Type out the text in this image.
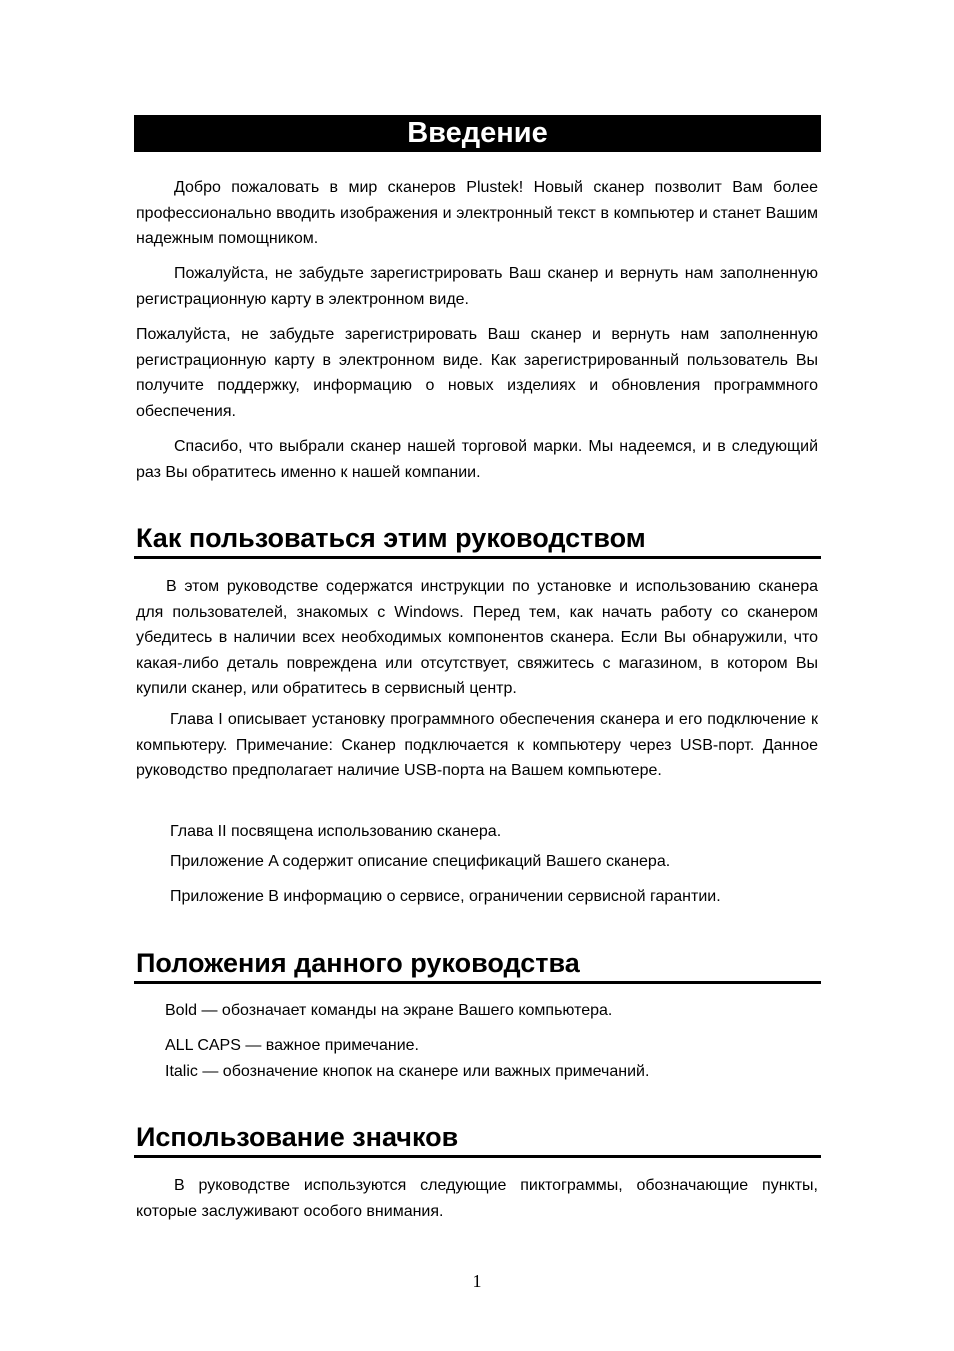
Введение

Добро пожаловать в мир сканеров Plustek! Новый сканер позволит Вам более профессионально вводить изображения и электронный текст в компьютер и станет Вашим надежным помощником.

Пожалуйста, не забудьте зарегистрировать Ваш сканер и вернуть нам заполненную регистрационную карту в электронном виде.

Пожалуйста, не забудьте зарегистрировать Ваш сканер и вернуть нам заполненную регистрационную карту в электронном виде. Как зарегистрированный пользователь Вы получите поддержку, информацию о новых изделиях и обновления программного обеспечения.

Спасибо, что выбрали сканер нашей торговой марки. Мы надеемся, и в следующий раз Вы обратитесь именно к нашей компании.

Как пользоваться этим руководством

В этом руководстве содержатся инструкции по установке и использованию сканера для пользователей, знакомых с Windows. Перед тем, как начать работу со сканером убедитесь в наличии всех необходимых компонентов сканера. Если Вы обнаружили, что какая-либо деталь повреждена или отсутствует, свяжитесь с магазином, в котором Вы купили сканер, или обратитесь в сервисный центр.

Глава I описывает установку программного обеспечения сканера и его подключение к компьютеру. Примечание: Сканер подключается к компьютеру через USB-порт. Данное руководство предполагает наличие USB-порта на Вашем компьютере.

Глава II посвящена использованию сканера.
Приложение A содержит описание спецификаций Вашего сканера.
Приложение B информацию о сервисе, ограничении сервисной гарантии.
Положения данного руководства
Bold — обозначает команды на экране Вашего компьютера.
ALL CAPS — важное примечание.
Italic — обозначение кнопок на сканере или важных примечаний.
Использование значков

В руководстве используются следующие пиктограммы, обозначающие пункты, которые заслуживают особого внимания.

1
